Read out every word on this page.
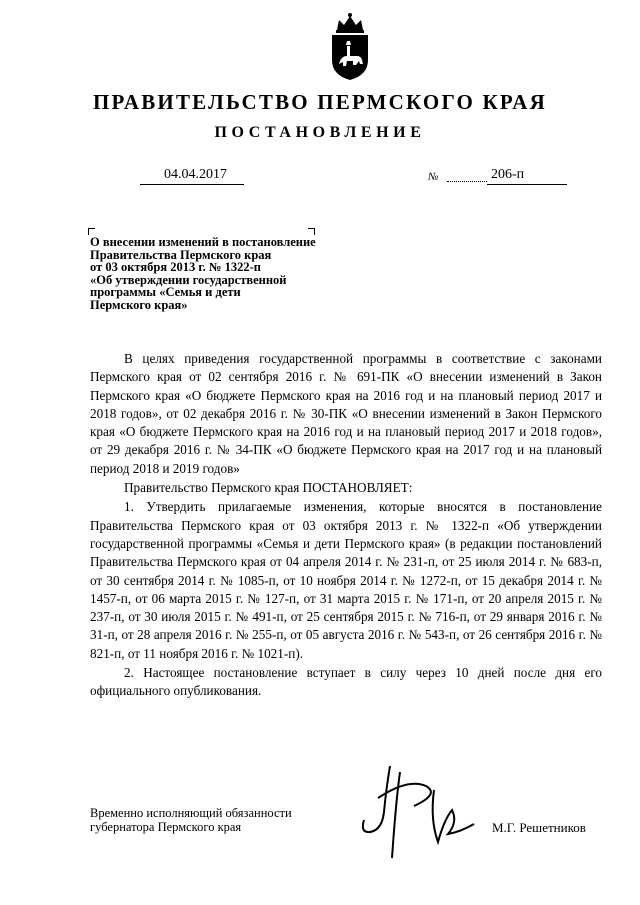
ПРАВИТЕЛЬСТВО ПЕРМСКОГО КРАЯ
ПОСТАНОВЛЕНИЕ
04.04.2017	№	206-п
О внесении изменений в постановление
Правительства Пермского края
от 03 октября 2013 г. № 1322-п
«Об утверждении государственной
программы «Семья и дети
Пермского края»

В целях приведения государственной программы в соответствие с законами Пермского края от 02 сентября 2016 г. № 691-ПК «О внесении изменений в Закон Пермского края «О бюджете Пермского края на 2016 год и на плановый период 2017 и 2018 годов», от 02 декабря 2016 г. № 30-ПК «О внесении изменений в Закон Пермского края «О бюджете Пермского края на 2016 год и на плановый период 2017 и 2018 годов», от 29 декабря 2016 г. № 34-ПК «О бюджете Пермского края на 2017 год и на плановый период 2018 и 2019 годов»

Правительство Пермского края ПОСТАНОВЛЯЕТ:

1. Утвердить прилагаемые изменения, которые вносятся в постановление Правительства Пермского края от 03 октября 2013 г. № 1322-п «Об утверждении государственной программы «Семья и дети Пермского края» (в редакции постановлений Правительства Пермского края от 04 апреля 2014 г. № 231-п, от 25 июля 2014 г. № 683-п, от 30 сентября 2014 г. № 1085-п, от 10 ноября 2014 г. № 1272-п, от 15 декабря 2014 г. № 1457-п, от 06 марта 2015 г. № 127-п, от 31 марта 2015 г. № 171-п, от 20 апреля 2015 г. № 237-п, от 30 июля 2015 г. № 491-п, от 25 сентября 2015 г. № 716-п, от 29 января 2016 г. № 31-п, от 28 апреля 2016 г. № 255-п, от 05 августа 2016 г. № 543-п, от 26 сентября 2016 г. № 821-п, от 11 ноября 2016 г. № 1021-п).

2. Настоящее постановление вступает в силу через 10 дней после дня его официального опубликования.

Временно исполняющий обязанности
губернатора Пермского края	М.Г. Решетников
